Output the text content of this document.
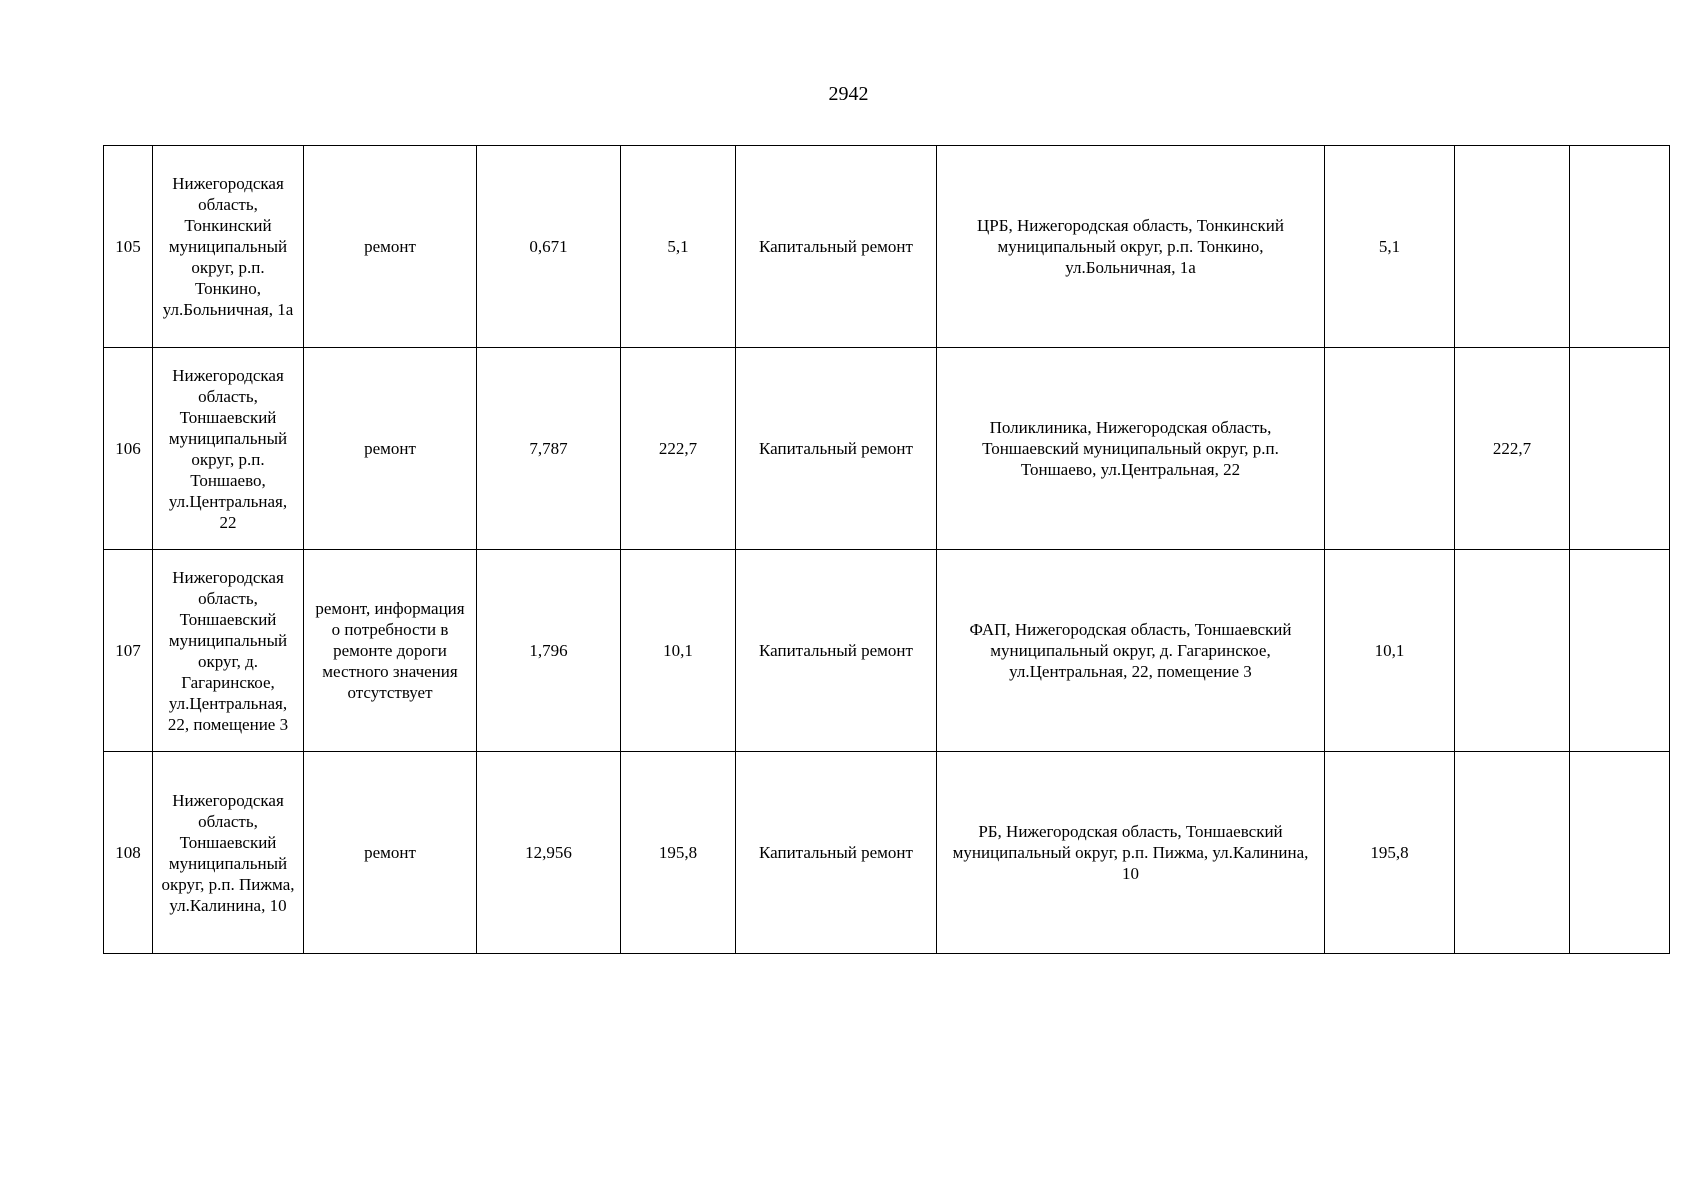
2942
105	Нижегородская область, Тонкинский муниципальный округ, р.п. Тонкино, ул.Больничная, 1а	ремонт	0,671	5,1	Капитальный ремонт	ЦРБ, Нижегородская область, Тонкинский муниципальный округ, р.п. Тонкино, ул.Больничная, 1а	5,1		
106	Нижегородская область, Тоншаевский муниципальный округ, р.п. Тоншаево, ул.Центральная, 22	ремонт	7,787	222,7	Капитальный ремонт	Поликлиника, Нижегородская область, Тоншаевский муниципальный округ, р.п. Тоншаево, ул.Центральная, 22		222,7	
107	Нижегородская область, Тоншаевский муниципальный округ, д. Гагаринское, ул.Центральная, 22, помещение 3	ремонт, информация о потребности в ремонте дороги местного значения отсутствует	1,796	10,1	Капитальный ремонт	ФАП, Нижегородская область, Тоншаевский муниципальный округ, д. Гагаринское, ул.Центральная, 22, помещение 3	10,1		
108	Нижегородская область, Тоншаевский муниципальный округ, р.п. Пижма, ул.Калинина, 10	ремонт	12,956	195,8	Капитальный ремонт	РБ, Нижегородская область, Тоншаевский муниципальный округ, р.п. Пижма, ул.Калинина, 10	195,8		
